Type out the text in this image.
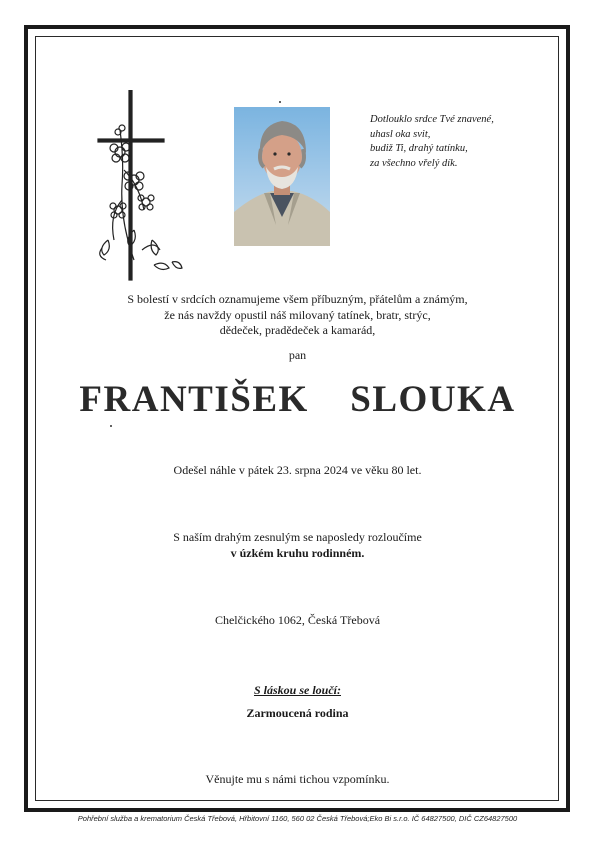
Dotlouklo srdce Tvé znavené,
uhasl oka svit,
budiž Ti, drahý tatínku,
za všechno vřelý dík.
S bolestí v srdcích oznamujeme všem příbuzným, přátelům a známým,
že nás navždy opustil náš milovaný tatínek, bratr, strýc,
dědeček, pradědeček a kamarád,
pan
FRANTIŠEK  SLOUKA
Odešel náhle v pátek 23. srpna 2024 ve věku 80 let.
S naším drahým zesnulým se naposledy rozloučíme
v úzkém kruhu rodinném.
Chelčického 1062, Česká Třebová
S láskou se loučí:
Zarmoucená rodina
Věnujte mu s námi tichou vzpomínku.
Pohřební služba a krematorium Česká Třebová, Hřbitovní 1160, 560 02 Česká Třebová;Eko Bi s.r.o. IČ 64827500, DIČ CZ64827500
